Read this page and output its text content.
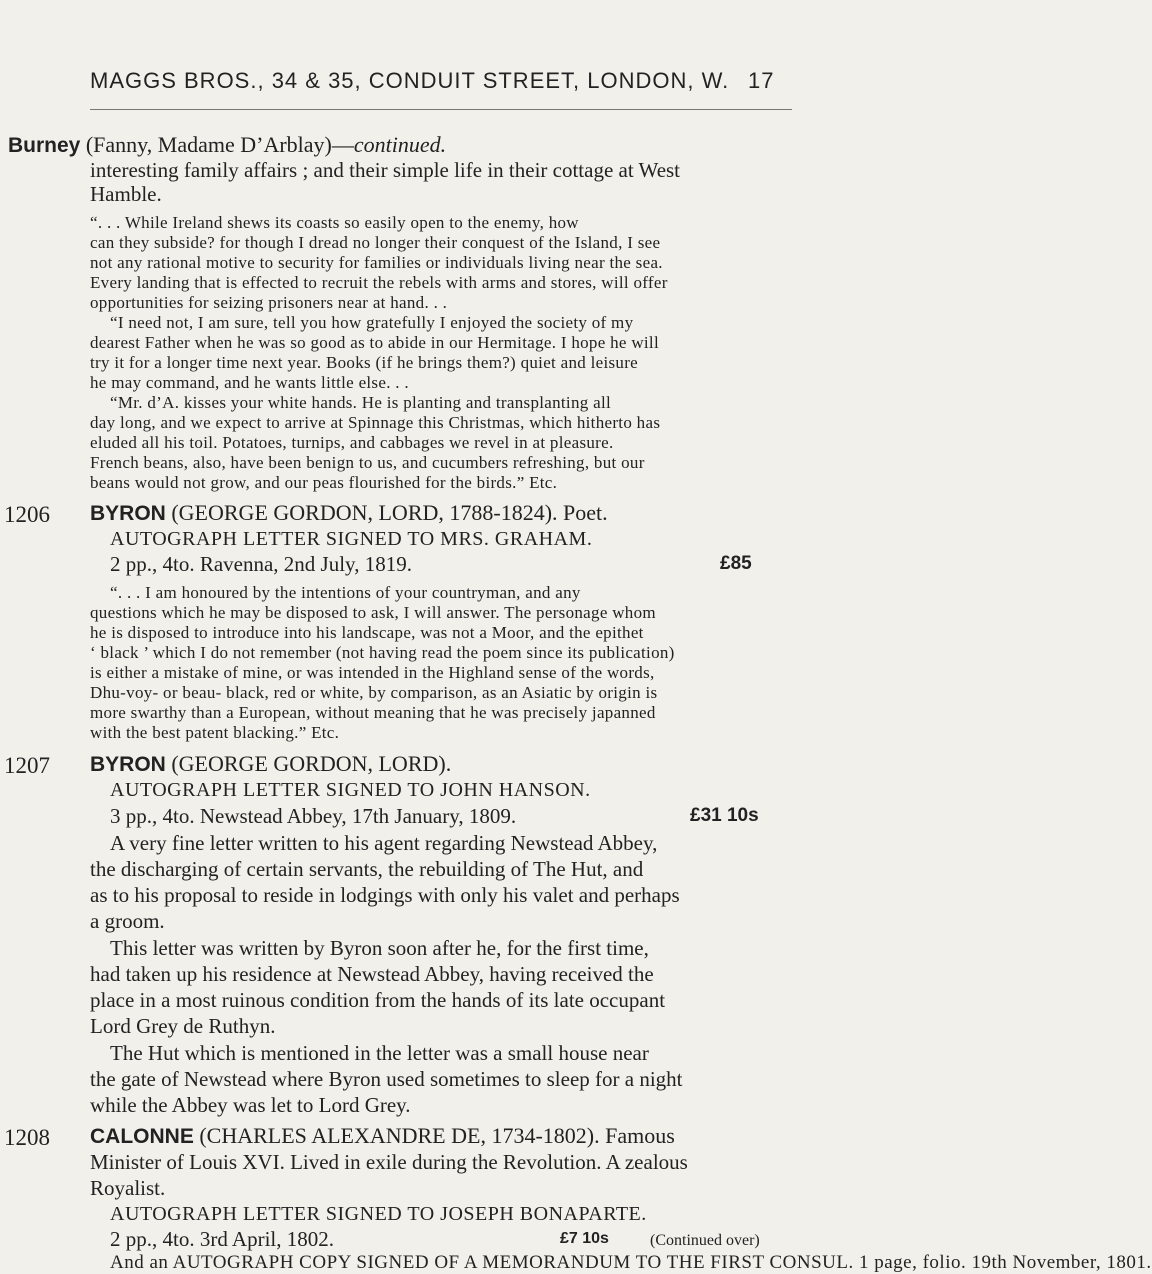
MAGGS BROS., 34 & 35, CONDUIT STREET, LONDON, W. 17
Burney (Fanny, Madame D’Arblay)—continued.
interesting family affairs ; and their simple life in their cottage at West
Hamble.
“. . . While Ireland shews its coasts so easily open to the enemy, how
can they subside? for though I dread no longer their conquest of the Island, I see
not any rational motive to security for families or individuals living near the sea.
Every landing that is effected to recruit the rebels with arms and stores, will offer
opportunities for seizing prisoners near at hand. . .
“I need not, I am sure, tell you how gratefully I enjoyed the society of my
dearest Father when he was so good as to abide in our Hermitage. I hope he will
try it for a longer time next year. Books (if he brings them?) quiet and leisure
he may command, and he wants little else. . .
“Mr. d’A. kisses your white hands. He is planting and transplanting all
day long, and we expect to arrive at Spinnage this Christmas, which hitherto has
eluded all his toil. Potatoes, turnips, and cabbages we revel in at pleasure.
French beans, also, have been benign to us, and cucumbers refreshing, but our
beans would not grow, and our peas flourished for the birds.” Etc.
1206 BYRON (GEORGE GORDON, LORD, 1788-1824). Poet.
AUTOGRAPH LETTER SIGNED TO MRS. GRAHAM.
2 pp., 4to. Ravenna, 2nd July, 1819.	£85
“. . . I am honoured by the intentions of your countryman, and any
questions which he may be disposed to ask, I will answer. The personage whom
he is disposed to introduce into his landscape, was not a Moor, and the epithet
‘ black ’ which I do not remember (not having read the poem since its publication)
is either a mistake of mine, or was intended in the Highland sense of the words,
Dhu-voy- or beau- black, red or white, by comparison, as an Asiatic by origin is
more swarthy than a European, without meaning that he was precisely japanned
with the best patent blacking.” Etc.
1207 BYRON (GEORGE GORDON, LORD).
AUTOGRAPH LETTER SIGNED TO JOHN HANSON.
3 pp., 4to. Newstead Abbey, 17th January, 1809.	£31 10s
A very fine letter written to his agent regarding Newstead Abbey,
the discharging of certain servants, the rebuilding of The Hut, and
as to his proposal to reside in lodgings with only his valet and perhaps
a groom.
This letter was written by Byron soon after he, for the first time,
had taken up his residence at Newstead Abbey, having received the
place in a most ruinous condition from the hands of its late occupant
Lord Grey de Ruthyn.
The Hut which is mentioned in the letter was a small house near
the gate of Newstead where Byron used sometimes to sleep for a night
while the Abbey was let to Lord Grey.
1208 CALONNE (CHARLES ALEXANDRE DE, 1734-1802). Famous
Minister of Louis XVI. Lived in exile during the Revolution. A zealous
Royalist.
AUTOGRAPH LETTER SIGNED TO JOSEPH BONAPARTE.
2 pp., 4to. 3rd April, 1802.
And an AUTOGRAPH COPY SIGNED OF A MEMORANDUM TO THE FIRST CONSUL. 1 page, folio. 19th November, 1801.
£7 10s	(Continued over)
